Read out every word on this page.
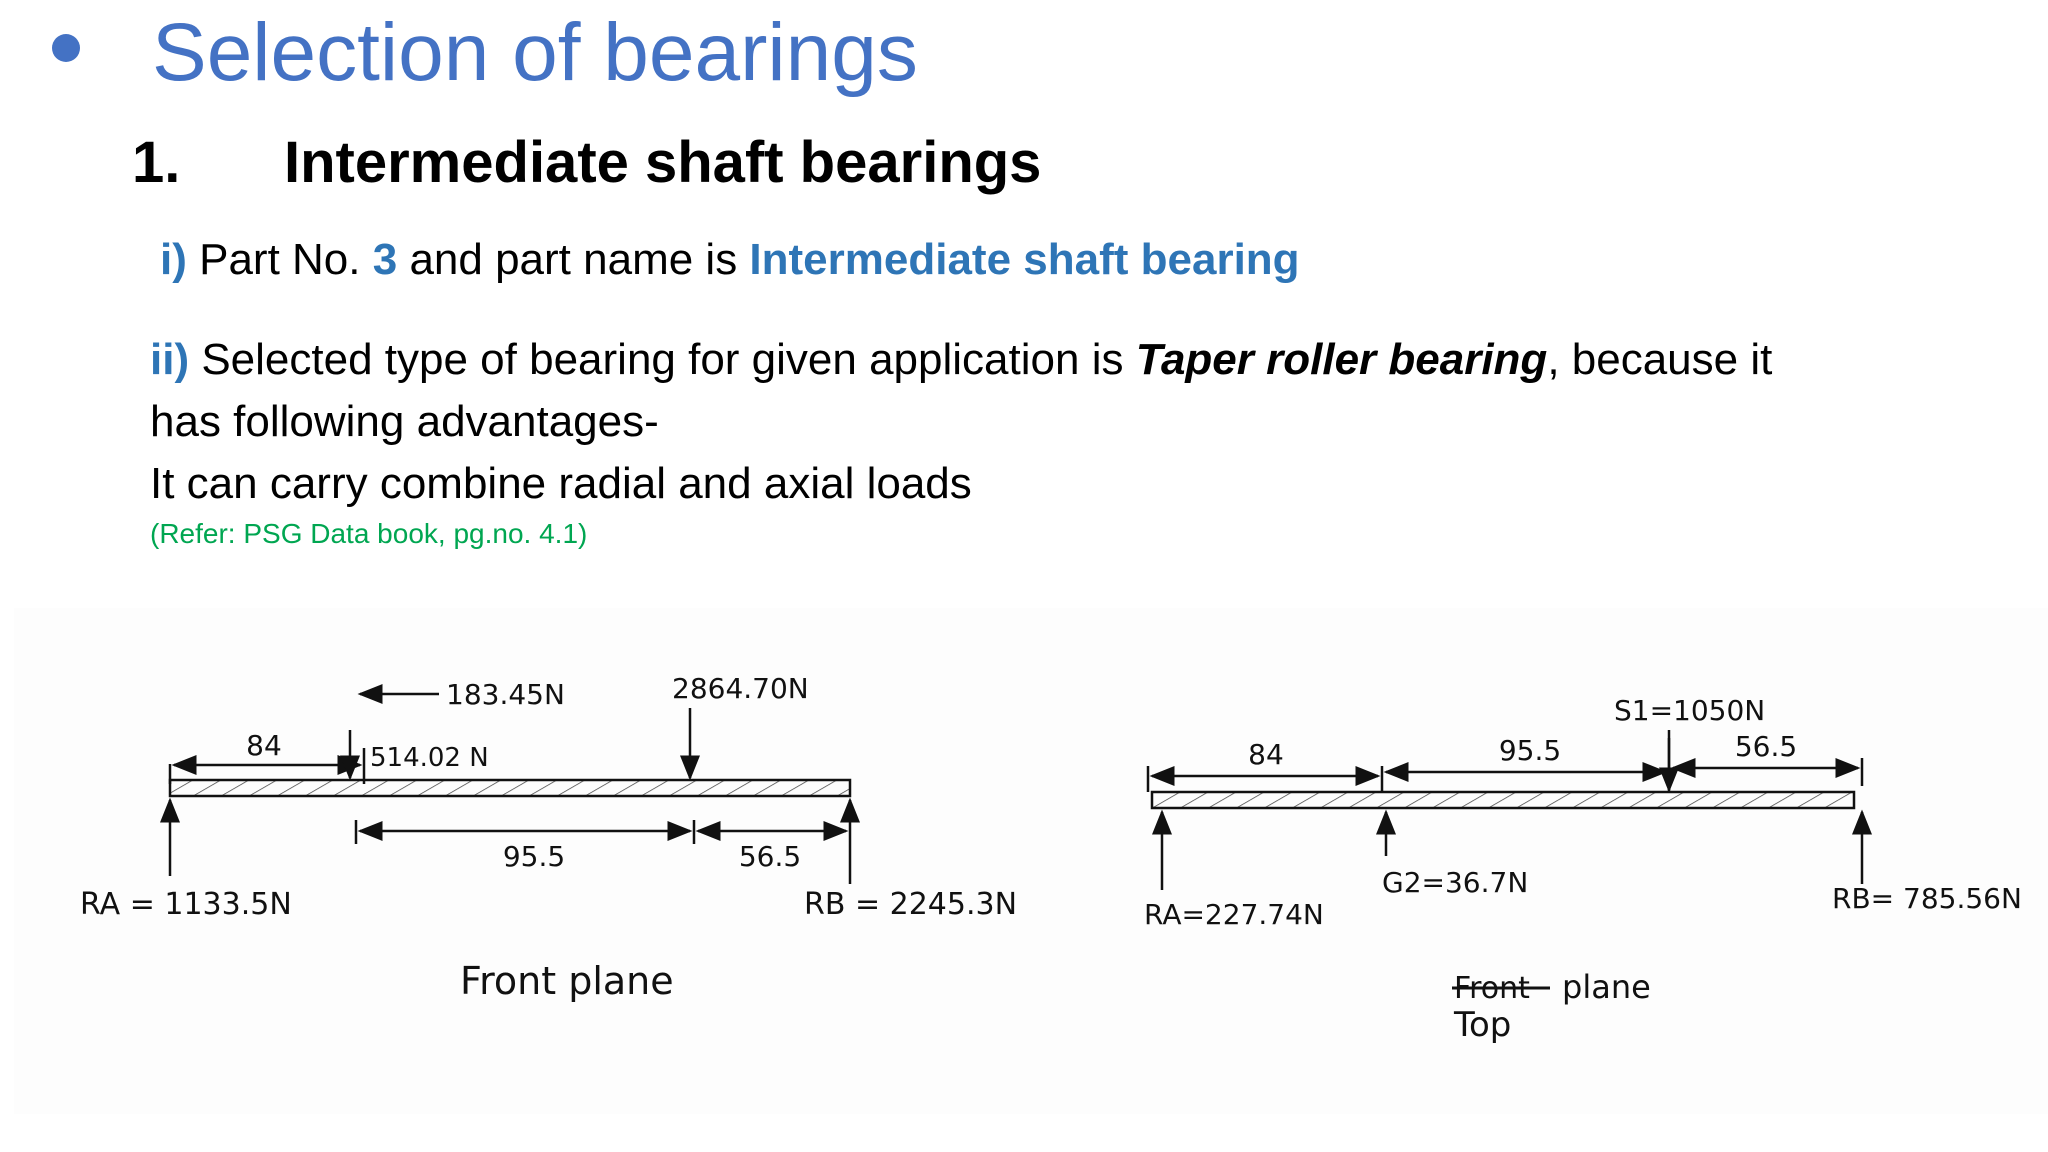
Selection of bearings
1. Intermediate shaft bearings
i) Part No. 3 and part name is Intermediate shaft bearing
ii) Selected type of bearing for given application is Taper roller bearing, because it
has following advantages-
It can carry combine radial and axial loads
(Refer: PSG Data book, pg.no. 4.1)
84	514.02 N
183.45N	2864.70N
95.5	56.5
RA = 1133.5N	RB = 2245.3N
Front plane
84	95.5	56.5
S1=1050N
G2=36.7N
RA=227.74N	RB= 785.56N
Front plane
Top
